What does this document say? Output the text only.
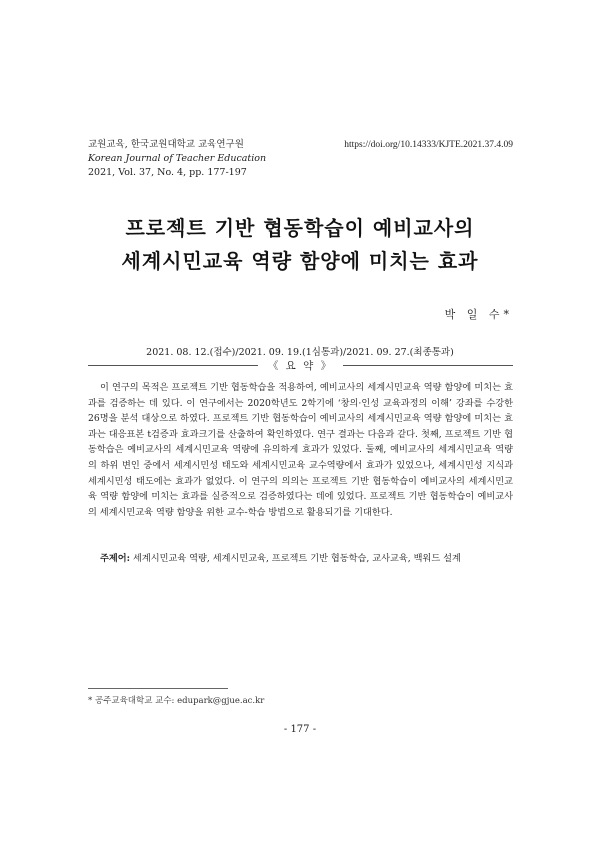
교원교육, 한국교원대학교 교육연구원
Korean Journal of Teacher Education
2021, Vol. 37, No. 4, pp. 177-197
https://doi.org/10.14333/KJTE.2021.37.4.09
프로젝트 기반 협동학습이 예비교사의
세계시민교육 역량 함양에 미치는 효과
박 일 수*
2021. 08. 12.(접수)/2021. 09. 19.(1심통과)/2021. 09. 27.(최종통과)
《 요 약 》
이 연구의 목적은 프로젝트 기반 협동학습을 적용하여, 예비교사의 세계시민교육 역량 함양에 미치는 효과를 검증하는 데 있다. 이 연구에서는 2020학년도 2학기에 ‘창의·인성 교육과정의 이해’ 강좌를 수강한 26명을 분석 대상으로 하였다. 프로젝트 기반 협동학습이 예비교사의 세계시민교육 역량 함양에 미치는 효과는 대응표본 t검증과 효과크기를 산출하여 확인하였다. 연구 결과는 다음과 같다. 첫째, 프로젝트 기반 협동학습은 예비교사의 세계시민교육 역량에 유의하게 효과가 있었다. 둘째, 예비교사의 세계시민교육 역량의 하위 변인 중에서 세계시민성 태도와 세계시민교육 교수역량에서 효과가 있었으나, 세계시민성 지식과 세계시민성 태도에는 효과가 없었다. 이 연구의 의의는 프로젝트 기반 협동학습이 예비교사의 세계시민교육 역량 함양에 미치는 효과를 실증적으로 검증하였다는 데에 있었다. 프로젝트 기반 협동학습이 예비교사의 세계시민교육 역량 함양을 위한 교수-학습 방법으로 활용되기를 기대한다.
주제어: 세계시민교육 역량, 세계시민교육, 프로젝트 기반 협동학습, 교사교육, 백워드 설계
* 공주교육대학교 교수: edupark@gjue.ac.kr
- 177 -
